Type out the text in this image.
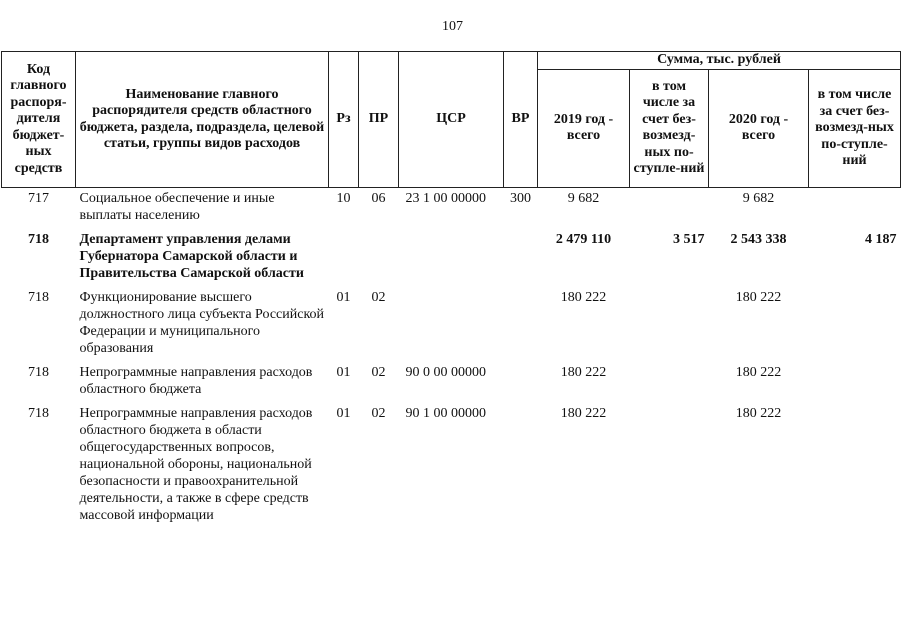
107
Код главного распоря-дителя бюджет-ных средств	Наименование главного распорядителя средств областного бюджета, раздела, подраздела, целевой статьи, группы видов расходов	Рз	ПР	ЦСР	ВР	Сумма, тыс. рублей			
						2019 год - всего	в том числе за счет без-возмезд-ных по-ступле-ний	2020 год - всего	в том числе за счет без-возмезд-ных по-ступле-ний
717	Социальное обеспечение и иные выплаты населению	10	06	23 1 00 00000	300	9 682		9 682	
718	Департамент управления делами Губернатора Самарской области и Правительства Самарской области					2 479 110	3 517	2 543 338	4 187
718	Функционирование высшего должностного лица субъекта Российской Федерации и муниципального образования	01	02			180 222		180 222	
718	Непрограммные направления расходов областного бюджета	01	02	90 0 00 00000		180 222		180 222	
718	Непрограммные направления расходов областного бюджета в области общегосударственных вопросов, национальной обороны, национальной безопасности и правоохранительной деятельности, а также в сфере средств массовой информации	01	02	90 1 00 00000		180 222		180 222	
